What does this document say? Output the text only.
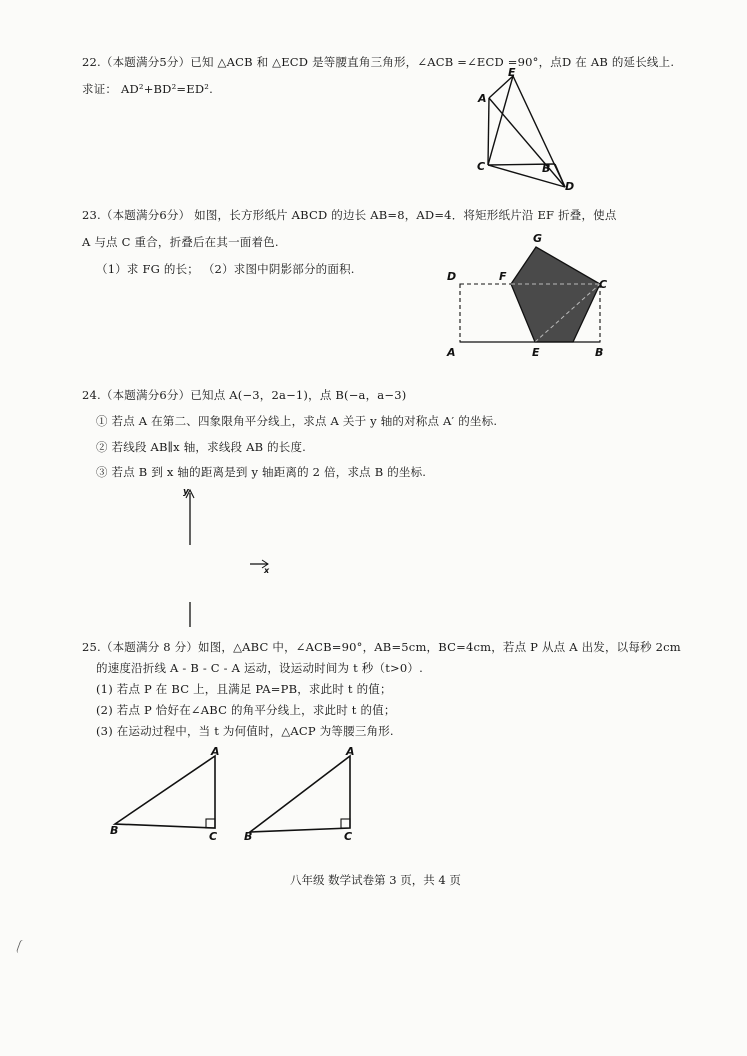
22.（本题满分5分）已知 △ACB 和 △ECD 是等腰直角三角形，∠ACB =∠ECD =90°，点D 在 AB 的延长线上.
求证： AD²+BD²=ED².
E
A
C	B
D
23.（本题满分6分） 如图，长方形纸片 ABCD 的边长 AB=8，AD=4．将矩形纸片沿 EF 折叠，使点
A 与点 C 重合，折叠后在其一面着色.
（1）求 FG 的长； （2）求图中阴影部分的面积.
G
D	F
C
A	E	B
24.（本题满分6分）已知点 A(−3，2a−1)，点 B(−a，a−3)
① 若点 A 在第二、四象限角平分线上，求点 A 关于 y 轴的对称点 A′ 的坐标.
② 若线段 AB∥x 轴，求线段 AB 的长度.
③ 若点 B 到 x 轴的距离是到 y 轴距离的 2 倍，求点 B 的坐标.
y
x
25.（本题满分 8 分）如图，△ABC 中，∠ACB=90°，AB=5cm，BC=4cm，若点 P 从点 A 出发，以每秒 2cm
的速度沿折线 A - B - C - A 运动，设运动时间为 t 秒（t>0）.
(1) 若点 P 在 BC 上，且满足 PA=PB，求此时 t 的值；
(2) 若点 P 恰好在∠ABC 的角平分线上，求此时 t 的值；
(3) 在运动过程中，当 t 为何值时，△ACP 为等腰三角形.
A
B	C
A
B	C
八年级 数学试卷第 3 页，共 4 页
